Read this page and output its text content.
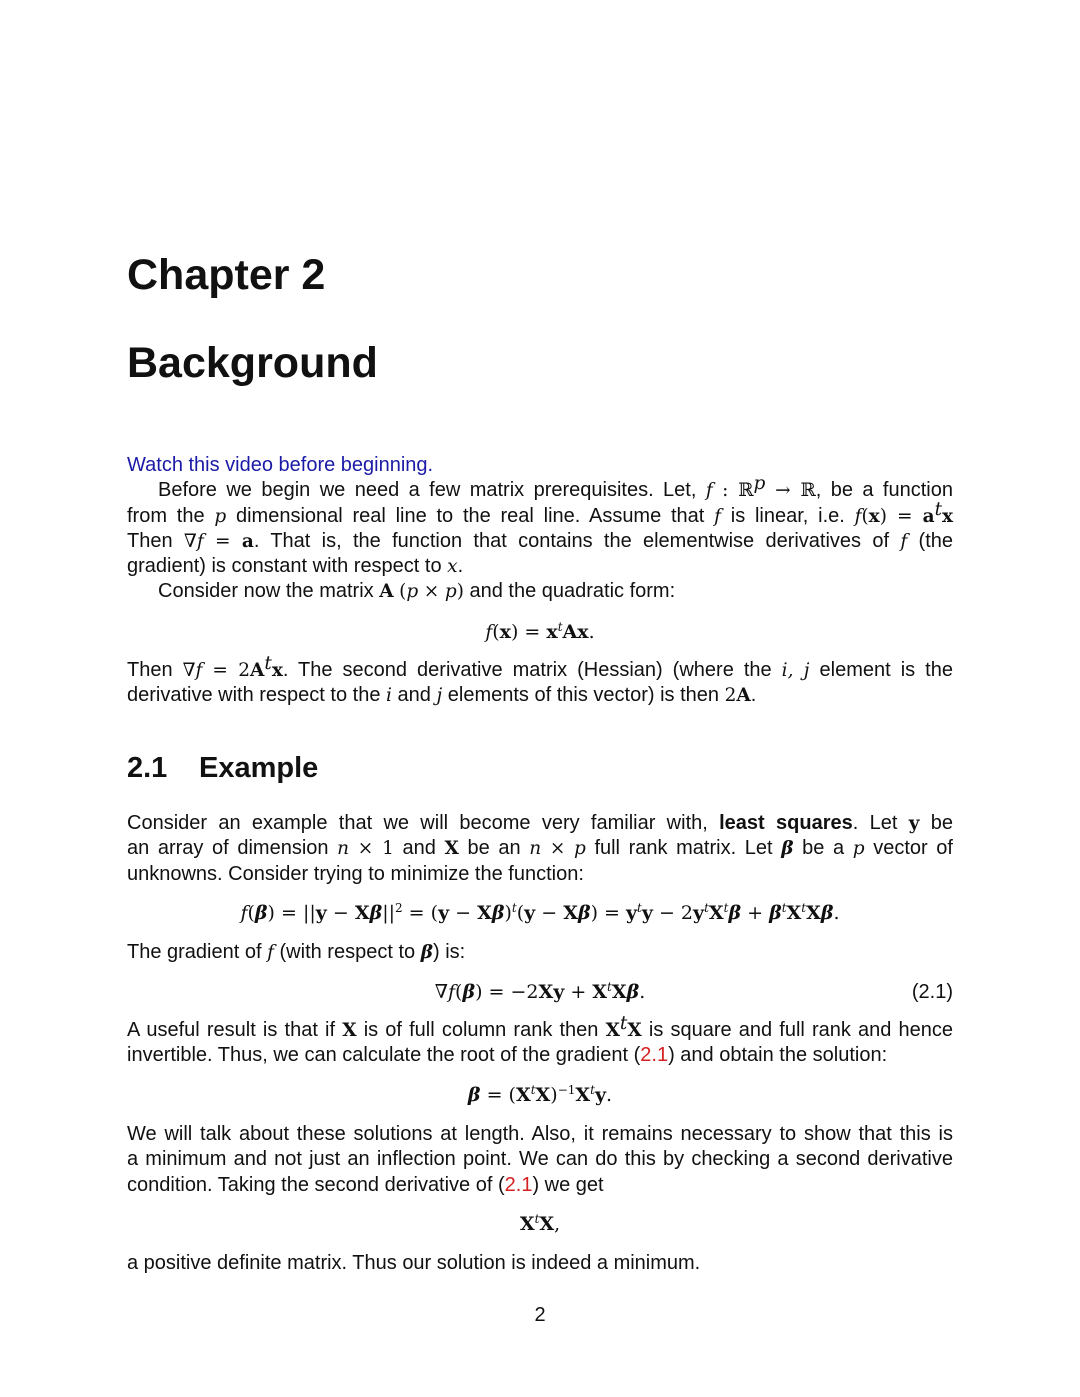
Chapter 2
Background
Watch this video before beginning.
Before we begin we need a few matrix prerequisites. Let, f : ℝ$^p$ → ℝ, be a function
from the p dimensional real line to the real line. Assume that f is linear, i.e. $f(x) = a^tx$
Then ∇f = a. That is, the function that contains the elementwise derivatives of f (the
gradient) is constant with respect to x.
Consider now the matrix A (p × p) and the quadratic form:
$f(x) = x^tAx$.
Then $\nabla f = 2A^tx$. The second derivative matrix (Hessian) (where the i, j element is the
derivative with respect to the i and j elements of this vector) is then 2A.
2.1 Example
Consider an example that we will become very familiar with, least squares. Let y be
an array of dimension n × 1 and X be an n × p full rank matrix. Let β be a p vector of
unknowns. Consider trying to minimize the function:
$f(\beta) = ||y - X\beta||^2 = (y - X\beta)^t(y - X\beta) = y^ty - 2y^tX^t\beta + \beta^tX^tX\beta$.
The gradient of f (with respect to β) is:
$\nabla f(\beta) = -2Xy + X^tX\beta$.	(2.1)
A useful result is that if X is of full column rank then $X^tX$ is square and full rank and hence
invertible. Thus, we can calculate the root of the gradient (2.1) and obtain the solution:
$\beta = (X^tX)^{-1}X^ty$.
We will talk about these solutions at length. Also, it remains necessary to show that this is
a minimum and not just an inflection point. We can do this by checking a second derivative
condition. Taking the second derivative of (2.1) we get
$X^tX$,
a positive definite matrix. Thus our solution is indeed a minimum.
2
